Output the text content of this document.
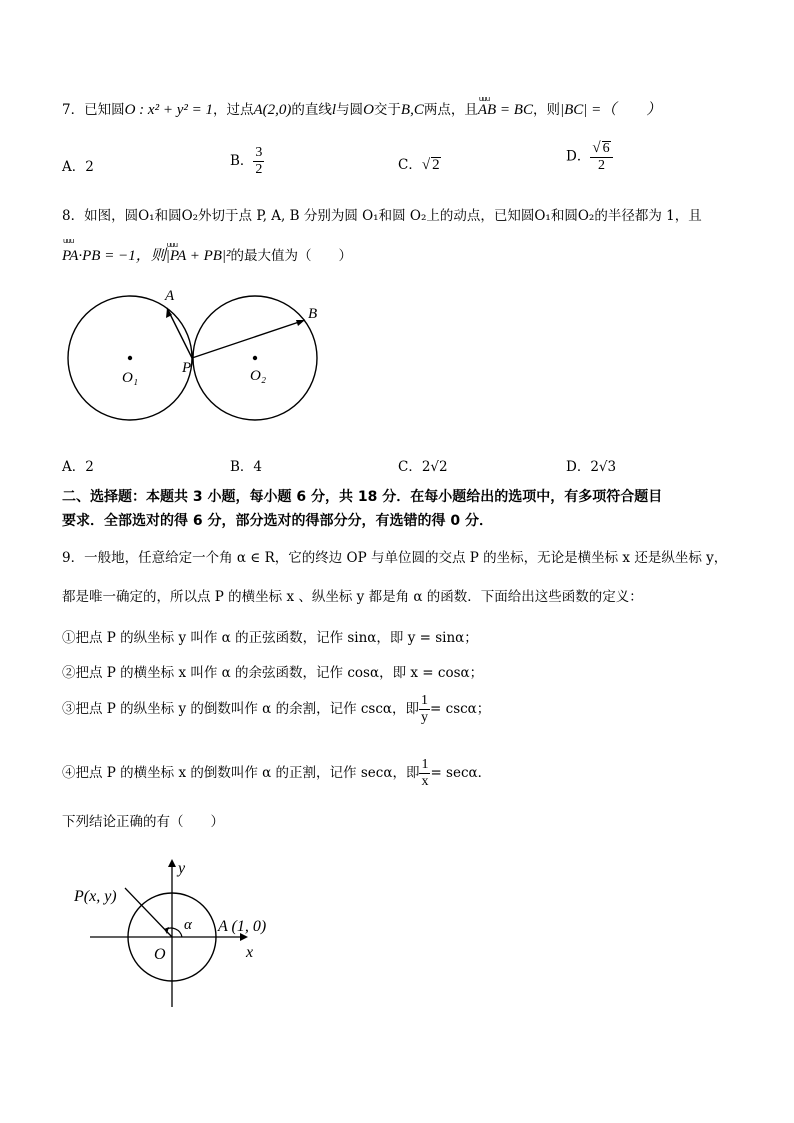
7．已知圆O : x² + y² = 1，过点A(2,0)的直线l与圆O交于B,C两点，且uuu AB = BC，则|BC| =（　　）
A．2	B． $\frac{3}{2}$	C．√ 2
D． $\frac{√ 6}{2}$
8．如图，圆O₁和圆O₂外切于点 P, A, B 分别为圆 O₁和圆 O₂上的动点，已知圆O₁和圆O₂的半径都为 1，且
uuu PA·PB = −1，则uuu |PA + PB|²的最大值为（　　）
A
B
P
O₁	O₂
A．2	B．4	C．2√2	D．2√3
二、选择题：本题共 3 小题，每小题 6 分，共 18 分．在每小题给出的选项中，有多项符合题目
要求．全部选对的得 6 分，部分选对的得部分分，有选错的得 0 分．
9．一般地，任意给定一个角 α ∈ R，它的终边 OP 与单位圆的交点 P 的坐标，无论是横坐标 x 还是纵坐标 y，
都是唯一确定的，所以点 P 的横坐标 x 、纵坐标 y 都是角 α 的函数．下面给出这些函数的定义：
①把点 P 的纵坐标 y 叫作 α 的正弦函数，记作 sinα，即 y = sinα；
②把点 P 的横坐标 x 叫作 α 的余弦函数，记作 cosα，即 x = cosα；
③把点 P 的纵坐标 y 的倒数叫作 α 的余割，记作 cscα，即 $\frac{1}{y} = \csc\alpha$；
④把点 P 的横坐标 x 的倒数叫作 α 的正割，记作 secα，即 $\frac{1}{x} = \sec\alpha$．
下列结论正确的有（　　）
P(x, y)
A (1, 0)
O
α
x
y
